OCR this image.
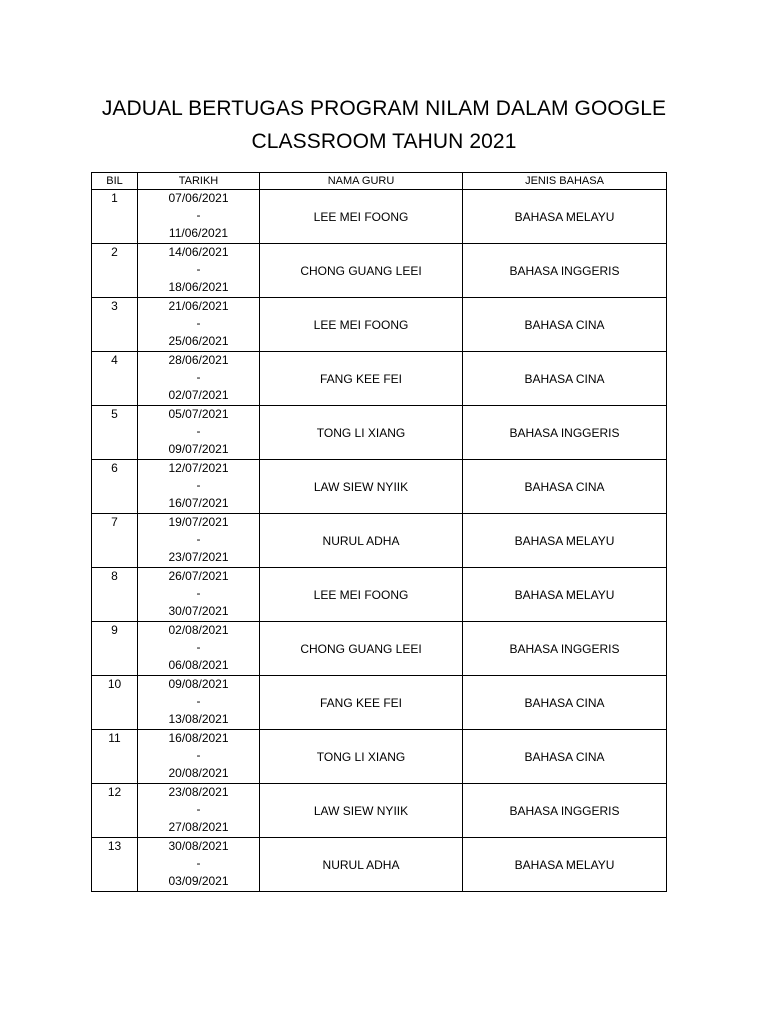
JADUAL BERTUGAS PROGRAM NILAM DALAM GOOGLE
CLASSROOM TAHUN 2021
BIL	TARIKH	NAMA GURU	JENIS BAHASA
1	07/06/2021
-
11/06/2021	LEE MEI FOONG	BAHASA MELAYU
2	14/06/2021
-
18/06/2021	CHONG GUANG LEEI	BAHASA INGGERIS
3	21/06/2021
-
25/06/2021	LEE MEI FOONG	BAHASA CINA
4	28/06/2021
-
02/07/2021	FANG KEE FEI	BAHASA CINA
5	05/07/2021
-
09/07/2021	TONG LI XIANG	BAHASA INGGERIS
6	12/07/2021
-
16/07/2021	LAW SIEW NYIIK	BAHASA CINA
7	19/07/2021
-
23/07/2021	NURUL ADHA	BAHASA MELAYU
8	26/07/2021
-
30/07/2021	LEE MEI FOONG	BAHASA MELAYU
9	02/08/2021
-
06/08/2021	CHONG GUANG LEEI	BAHASA INGGERIS
10	09/08/2021
-
13/08/2021	FANG KEE FEI	BAHASA CINA
11	16/08/2021
-
20/08/2021	TONG LI XIANG	BAHASA CINA
12	23/08/2021
-
27/08/2021	LAW SIEW NYIIK	BAHASA INGGERIS
13	30/08/2021
-
03/09/2021	NURUL ADHA	BAHASA MELAYU
